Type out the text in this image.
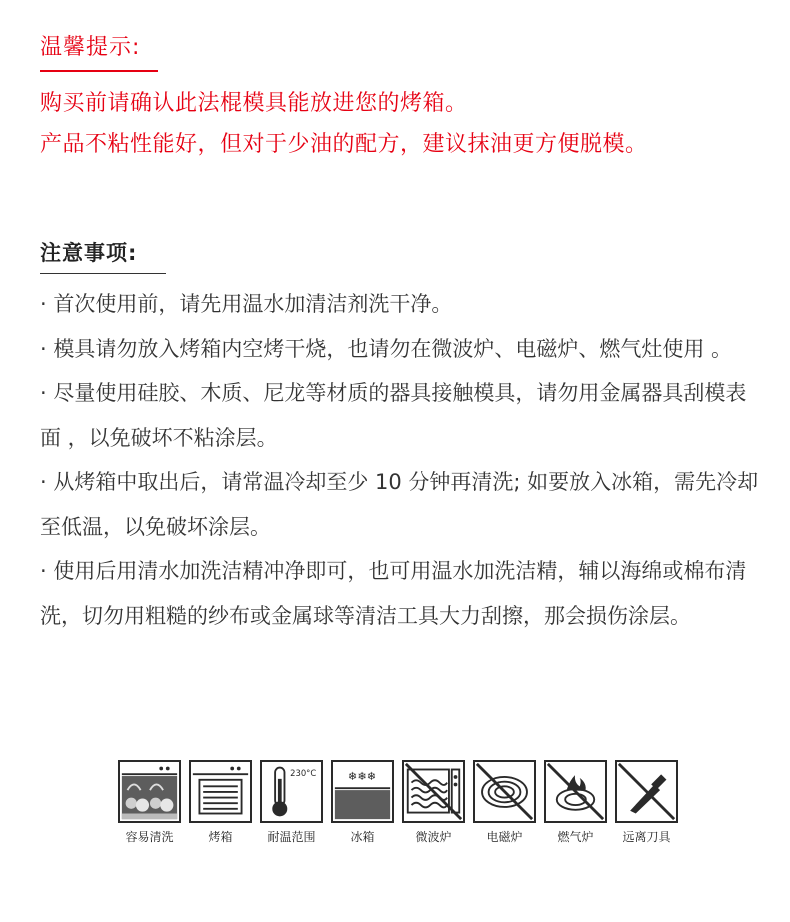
温馨提示:

购买前请确认此法棍模具能放进您的烤箱。

产品不粘性能好，但对于少油的配方，建议抹油更方便脱模。

注意事项:

· 首次使用前，请先用温水加清洁剂洗干净。

· 模具请勿放入烤箱内空烤干烧，也请勿在微波炉、电磁炉、燃气灶使用 。

· 尽量使用硅胶、木质、尼龙等材质的器具接触模具，请勿用金属器具刮模表面 ，以免破坏不粘涂层。

· 从烤箱中取出后，请常温冷却至少 10 分钟再清洗; 如要放入冰箱，需先冷却至低温，以免破坏涂层。

· 使用后用清水加洗洁精冲净即可，也可用温水加洗洁精，辅以海绵或棉布清洗，切勿用粗糙的纱布或金属球等清洁工具大力刮擦，那会损伤涂层。

容易清洗	烤箱
230°C
耐温范围
❄❄❄
冰箱	微波炉	电磁炉	燃气炉 远离刀具
